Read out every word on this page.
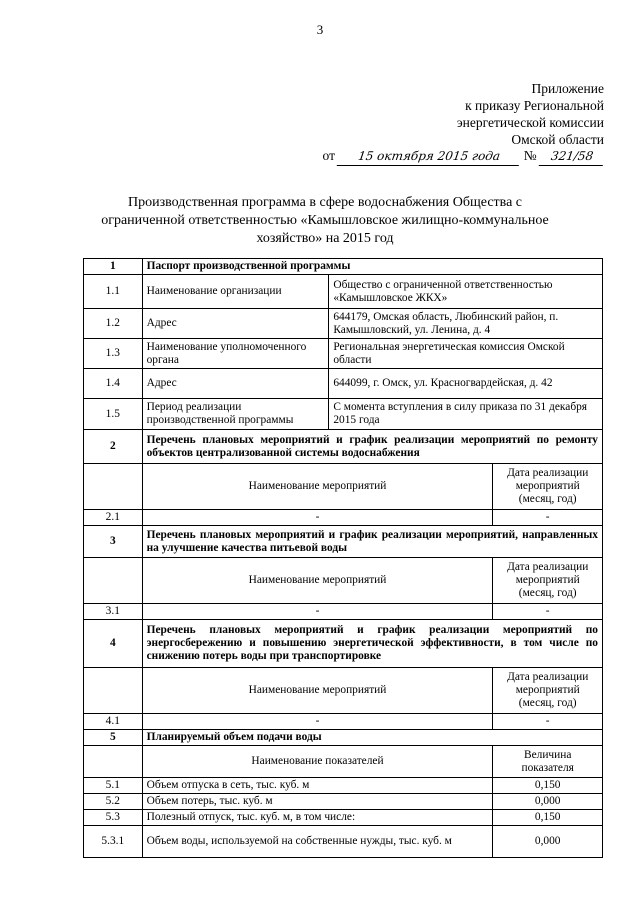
3
Приложение
к приказу Региональной
энергетической комиссии
Омской области
от 15 октября 2015 года № 321/58
Производственная программа в сфере водоснабжения Общества с ограниченной ответственностью «Камышловское жилищно-коммунальное хозяйство» на 2015 год
1	Паспорт производственной программы		
1.1	Наименование организации	Общество с ограниченной ответственностью «Камышловское ЖКХ»	
1.2	Адрес	644179, Омская область, Любинский район, п. Камышловский, ул. Ленина, д. 4	
1.3	Наименование уполномоченного органа	Региональная энергетическая комиссия Омской области	
1.4	Адрес	644099, г. Омск, ул. Красногвардейская, д. 42	
1.5	Период реализации производственной программы	С момента вступления в силу приказа по 31 декабря 2015 года	
2	Перечень плановых мероприятий и график реализации мероприятий по ремонту объектов централизованной системы водоснабжения		
	Наименование мероприятий		Дата реализации мероприятий (месяц, год)
2.1	-		-
3	Перечень плановых мероприятий и график реализации мероприятий, направленных на улучшение качества питьевой воды		
	Наименование мероприятий		Дата реализации мероприятий (месяц, год)
3.1	-		-
4	Перечень плановых мероприятий и график реализации мероприятий по энергосбережению и повышению энергетической эффективности, в том числе по снижению потерь воды при транспортировке		
	Наименование мероприятий		Дата реализации мероприятий (месяц, год)
4.1	-		-
5	Планируемый объем подачи воды		
	Наименование показателей		Величина показателя
5.1	Объем отпуска в сеть, тыс. куб. м		0,150
5.2	Объем потерь, тыс. куб. м		0,000
5.3	Полезный отпуск, тыс. куб. м, в том числе:		0,150
5.3.1	Объем воды, используемой на собственные нужды, тыс. куб. м		0,000
